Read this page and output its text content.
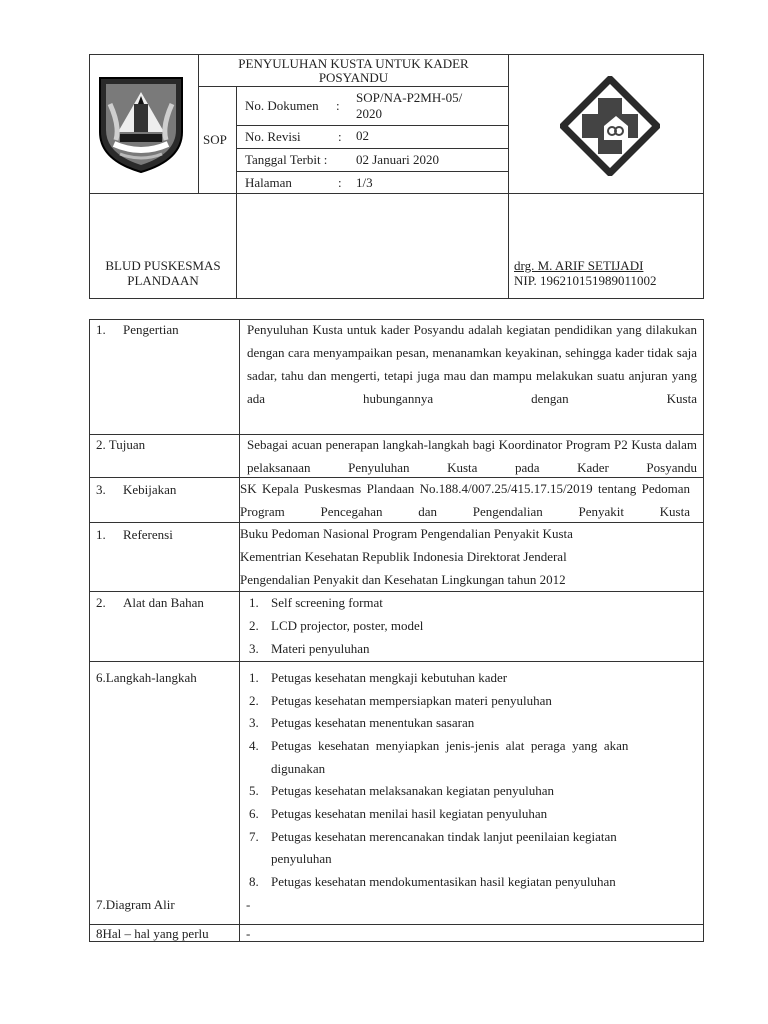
PENYULUHAN KUSTA UNTUK KADER
POSYANDU
SOP
No. Dokumen :
SOP/NA-P2MH-05/
2020
No. Revisi	: 02
Tanggal Terbit : 02 Januari 2020
Halaman	: 1/3
BLUD PUSKESMAS
PLANDAAN
drg. M. ARIF SETIJADI
NIP. 196210151989011002
1. Pengertian	Penyuluhan Kusta untuk kader Posyandu adalah kegiatan pendidikan yang dilakukan dengan cara menyampaikan pesan, menanamkan keyakinan, sehingga kader tidak saja sadar, tahu dan mengerti, tetapi juga mau dan mampu melakukan suatu anjuran yang ada hubungannya dengan Kusta
2. Tujuan	Sebagai acuan penerapan langkah-langkah bagi Koordinator Program P2 Kusta dalam pelaksanaan Penyuluhan Kusta pada Kader Posyandu
3. Kebijakan	SK Kepala Puskesmas Plandaan No.188.4/007.25/415.17.15/2019 tentang Pedoman Program Pencegahan dan Pengendalian Penyakit Kusta
1. Referensi	Buku Pedoman Nasional Program Pengendalian Penyakit Kusta
Kementrian Kesehatan Republik Indonesia Direktorat Jenderal
Pengendalian Penyakit dan Kesehatan Lingkungan tahun 2012
2. Alat dan Bahan	1. Self screening format
2. LCD projector, poster, model
3. Materi penyuluhan
6.Langkah-langkah	1. Petugas kesehatan mengkaji kebutuhan kader
2. Petugas kesehatan mempersiapkan materi penyuluhan
3. Petugas kesehatan menentukan sasaran
4. Petugas  kesehatan  menyiapkan  jenis-jenis  alat  peraga  yang  akan
digunakan
5. Petugas kesehatan melaksanakan kegiatan penyuluhan
6. Petugas kesehatan menilai hasil kegiatan penyuluhan
7. Petugas kesehatan merencanakan tindak lanjut peenilaian kegiatan
penyuluhan
8. Petugas kesehatan mendokumentasikan hasil kegiatan penyuluhan
7.Diagram Alir	-
8Hal – hal yang perlu	-
